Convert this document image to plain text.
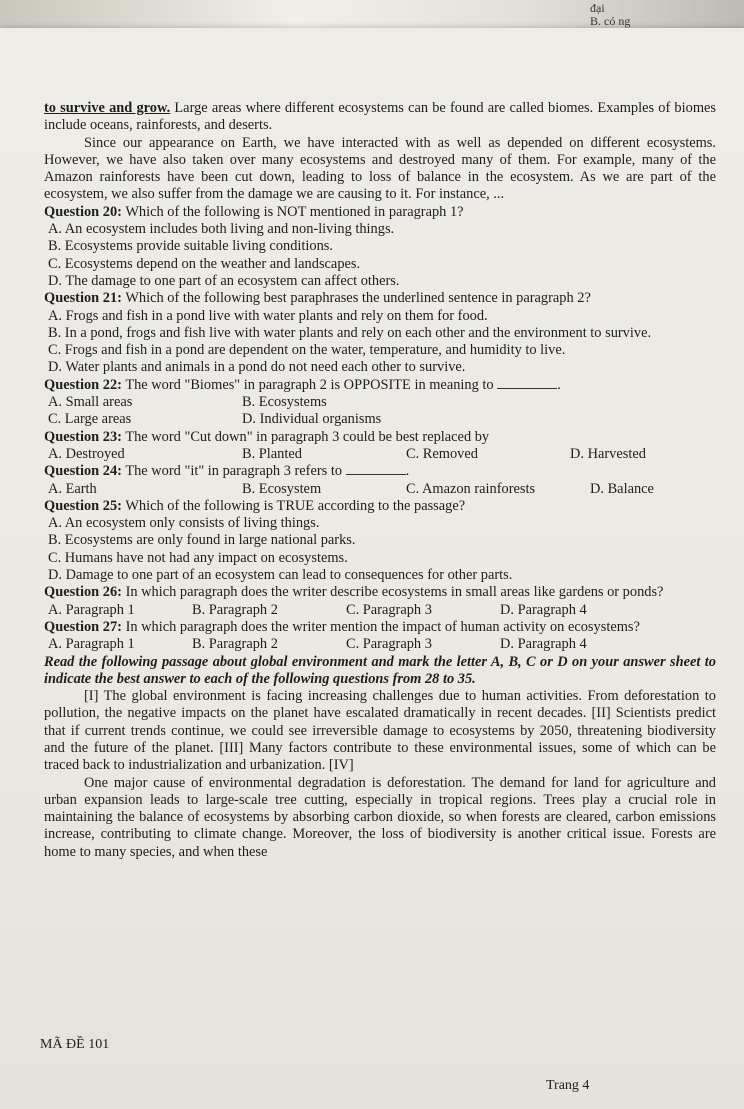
đại
B. có ng

to survive and grow. Large areas where different ecosystems can be found are called biomes. Examples of biomes include oceans, rainforests, and deserts.

Since our appearance on Earth, we have interacted with as well as depended on different ecosystems. However, we have also taken over many ecosystems and destroyed many of them. For example, many of the Amazon rainforests have been cut down, leading to loss of balance in the ecosystem. As we are part of the ecosystem, we also suffer from the damage we are causing to it. For instance, ...

Question 20: Which of the following is NOT mentioned in paragraph 1?
A. An ecosystem includes both living and non-living things.
B. Ecosystems provide suitable living conditions.
C. Ecosystems depend on the weather and landscapes.
D. The damage to one part of an ecosystem can affect others.
Question 21: Which of the following best paraphrases the underlined sentence in paragraph 2?
A. Frogs and fish in a pond live with water plants and rely on them for food.
B. In a pond, frogs and fish live with water plants and rely on each other and the environment to survive.
C. Frogs and fish in a pond are dependent on the water, temperature, and humidity to live.
D. Water plants and animals in a pond do not need each other to survive.
Question 22: The word "Biomes" in paragraph 2 is OPPOSITE in meaning to	.
A. Small areas	B. Ecosystems
C. Large areas	D. Individual organisms
Question 23: The word "Cut down" in paragraph 3 could be best replaced by
A. Destroyed	B. Planted	C. Removed	D. Harvested
Question 24: The word "it" in paragraph 3 refers to	.
A. Earth	B. Ecosystem	C. Amazon rainforests	D. Balance
Question 25: Which of the following is TRUE according to the passage?
A. An ecosystem only consists of living things.
B. Ecosystems are only found in large national parks.
C. Humans have not had any impact on ecosystems.
D. Damage to one part of an ecosystem can lead to consequences for other parts.
Question 26: In which paragraph does the writer describe ecosystems in small areas like gardens or ponds?
A. Paragraph 1	B. Paragraph 2	C. Paragraph 3	D. Paragraph 4
Question 27: In which paragraph does the writer mention the impact of human activity on ecosystems?
A. Paragraph 1	B. Paragraph 2	C. Paragraph 3	D. Paragraph 4

Read the following passage about global environment and mark the letter A, B, C or D on your answer sheet to indicate the best answer to each of the following questions from 28 to 35.

[I] The global environment is facing increasing challenges due to human activities. From deforestation to pollution, the negative impacts on the planet have escalated dramatically in recent decades. [II] Scientists predict that if current trends continue, we could see irreversible damage to ecosystems by 2050, threatening biodiversity and the future of the planet. [III] Many factors contribute to these environmental issues, some of which can be traced back to industrialization and urbanization. [IV]

One major cause of environmental degradation is deforestation. The demand for land for agriculture and urban expansion leads to large-scale tree cutting, especially in tropical regions. Trees play a crucial role in maintaining the balance of ecosystems by absorbing carbon dioxide, so when forests are cleared, carbon emissions increase, contributing to climate change. Moreover, the loss of biodiversity is another critical issue. Forests are home to many species, and when these

MÃ ĐỀ 101
Trang 4
